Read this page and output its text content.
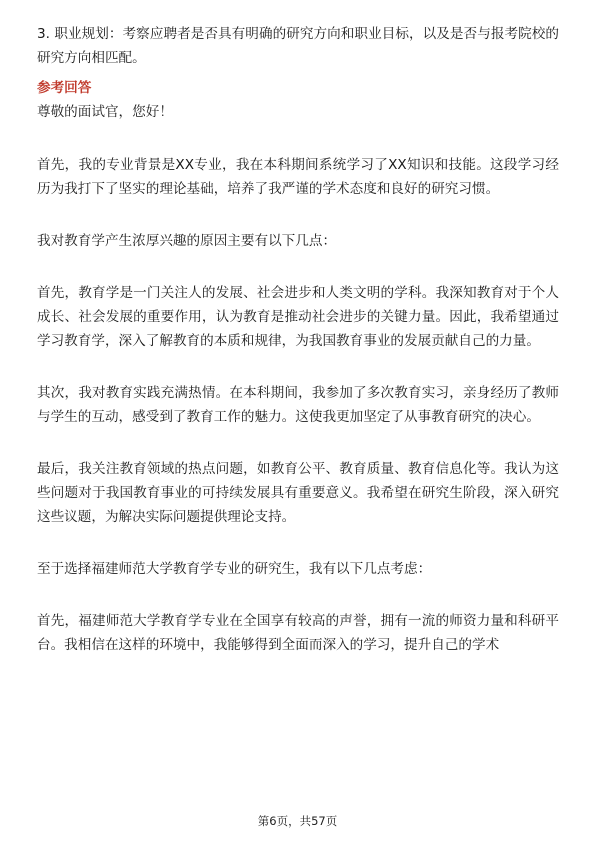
3. 职业规划：考察应聘者是否具有明确的研究方向和职业目标，以及是否与报考院校的研究方向相匹配。

参考回答

尊敬的面试官，您好！

首先，我的专业背景是XX专业，我在本科期间系统学习了XX知识和技能。这段学习经历为我打下了坚实的理论基础，培养了我严谨的学术态度和良好的研究习惯。

我对教育学产生浓厚兴趣的原因主要有以下几点：

首先，教育学是一门关注人的发展、社会进步和人类文明的学科。我深知教育对于个人成长、社会发展的重要作用，认为教育是推动社会进步的关键力量。因此，我希望通过学习教育学，深入了解教育的本质和规律，为我国教育事业的发展贡献自己的力量。

其次，我对教育实践充满热情。在本科期间，我参加了多次教育实习，亲身经历了教师与学生的互动，感受到了教育工作的魅力。这使我更加坚定了从事教育研究的决心。

最后，我关注教育领域的热点问题，如教育公平、教育质量、教育信息化等。我认为这些问题对于我国教育事业的可持续发展具有重要意义。我希望在研究生阶段，深入研究这些议题，为解决实际问题提供理论支持。

至于选择福建师范大学教育学专业的研究生，我有以下几点考虑：

首先，福建师范大学教育学专业在全国享有较高的声誉，拥有一流的师资力量和科研平台。我相信在这样的环境中，我能够得到全面而深入的学习，提升自己的学术

第6页，共57页
